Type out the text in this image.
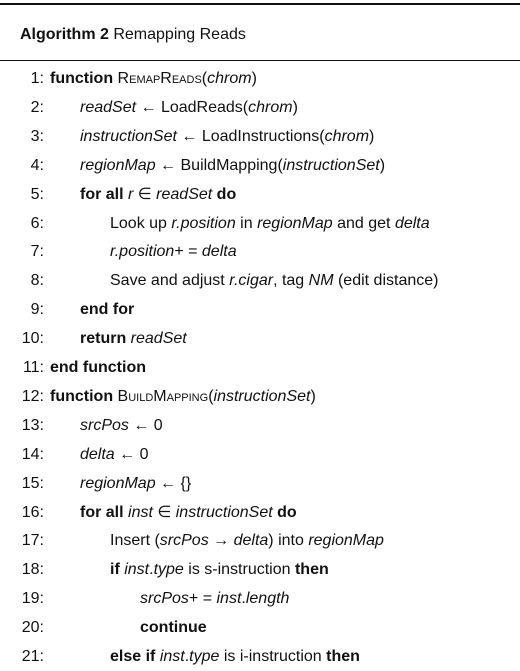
Algorithm 2 Remapping Reads
1: function RemapReads(chrom)
2: readSet ← LoadReads(chrom)
3: instructionSet ← LoadInstructions(chrom)
4: regionMap ← BuildMapping(instructionSet)
5: for all r ∈ readSet do
6:	Look up r.position in regionMap and get delta
7:	r.position+ = delta
8:	Save and adjust r.cigar, tag NM (edit distance)
9: end for
10: return readSet
11: end function
12: function BuildMapping(instructionSet)
13: srcPos ← 0
14: delta ← 0
15: regionMap ← {}
16: for all inst ∈ instructionSet do
17:	Insert (srcPos → delta) into regionMap
18:	if inst.type is s-instruction then
19:	srcPos+ = inst.length
20:	continue
21:	else if inst.type is i-instruction then
